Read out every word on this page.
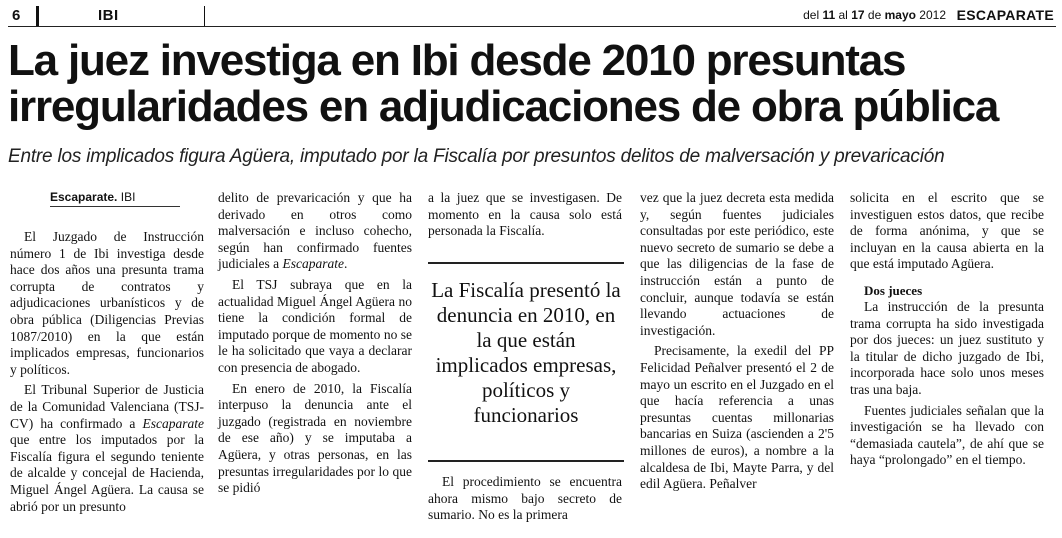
6	IBI	del 11 al 17 de mayo 2012 ESCAPARATE
La juez investiga en Ibi desde 2010 presuntas irregularidades en adjudicaciones de obra pública

Entre los implicados figura Agüera, imputado por la Fiscalía por presuntos delitos de malversación y prevaricación

Escaparate. IBI

El Juzgado de Instrucción número 1 de Ibi investiga desde hace dos años una presunta trama corrupta de contratos y adjudicaciones urbanísticos y de obra pública (Diligencias Previas 1087/2010) en la que están implicados empresas, funcionarios y políticos.

El Tribunal Superior de Justicia de la Comunidad Valenciana (TSJ-CV) ha confirmado a Escaparate que entre los imputados por la Fiscalía figura el segundo teniente de alcalde y concejal de Hacienda, Miguel Ángel Agüera. La causa se abrió por un presunto

delito de prevaricación y que ha derivado en otros como malversación e incluso cohecho, según han confirmado fuentes judiciales a Escaparate.

El TSJ subraya que en la actualidad Miguel Ángel Agüera no tiene la condición formal de imputado porque de momento no se le ha solicitado que vaya a declarar con presencia de abogado.

En enero de 2010, la Fiscalía interpuso la denuncia ante el juzgado (registrada en noviembre de ese año) y se imputaba a Agüera, y otras personas, en las presuntas irregularidades por lo que se pidió

a la juez que se investigasen. De momento en la causa solo está personada la Fiscalía.

La Fiscalía presentó la denuncia en 2010, en la que están implicados empresas, políticos y funcionarios

El procedimiento se encuentra ahora mismo bajo secreto de sumario. No es la primera

vez que la juez decreta esta medida y, según fuentes judiciales consultadas por este periódico, este nuevo secreto de sumario se debe a que las diligencias de la fase de instrucción están a punto de concluir, aunque todavía se están llevando actuaciones de investigación.

Precisamente, la exedil del PP Felicidad Peñalver presentó el 2 de mayo un escrito en el Juzgado en el que hacía referencia a unas presuntas cuentas millonarias bancarias en Suiza (ascienden a 2'5 millones de euros), a nombre a la alcaldesa de Ibi, Mayte Parra, y del edil Agüera. Peñalver

solicita en el escrito que se investiguen estos datos, que recibe de forma anónima, y que se incluyan en la causa abierta en la que está imputado Agüera.

Dos jueces

La instrucción de la presunta trama corrupta ha sido investigada por dos jueces: un juez sustituto y la titular de dicho juzgado de Ibi, incorporada hace solo unos meses tras una baja.

Fuentes judiciales señalan que la investigación se ha llevado con “demasiada cautela”, de ahí que se haya “prolongado” en el tiempo.
